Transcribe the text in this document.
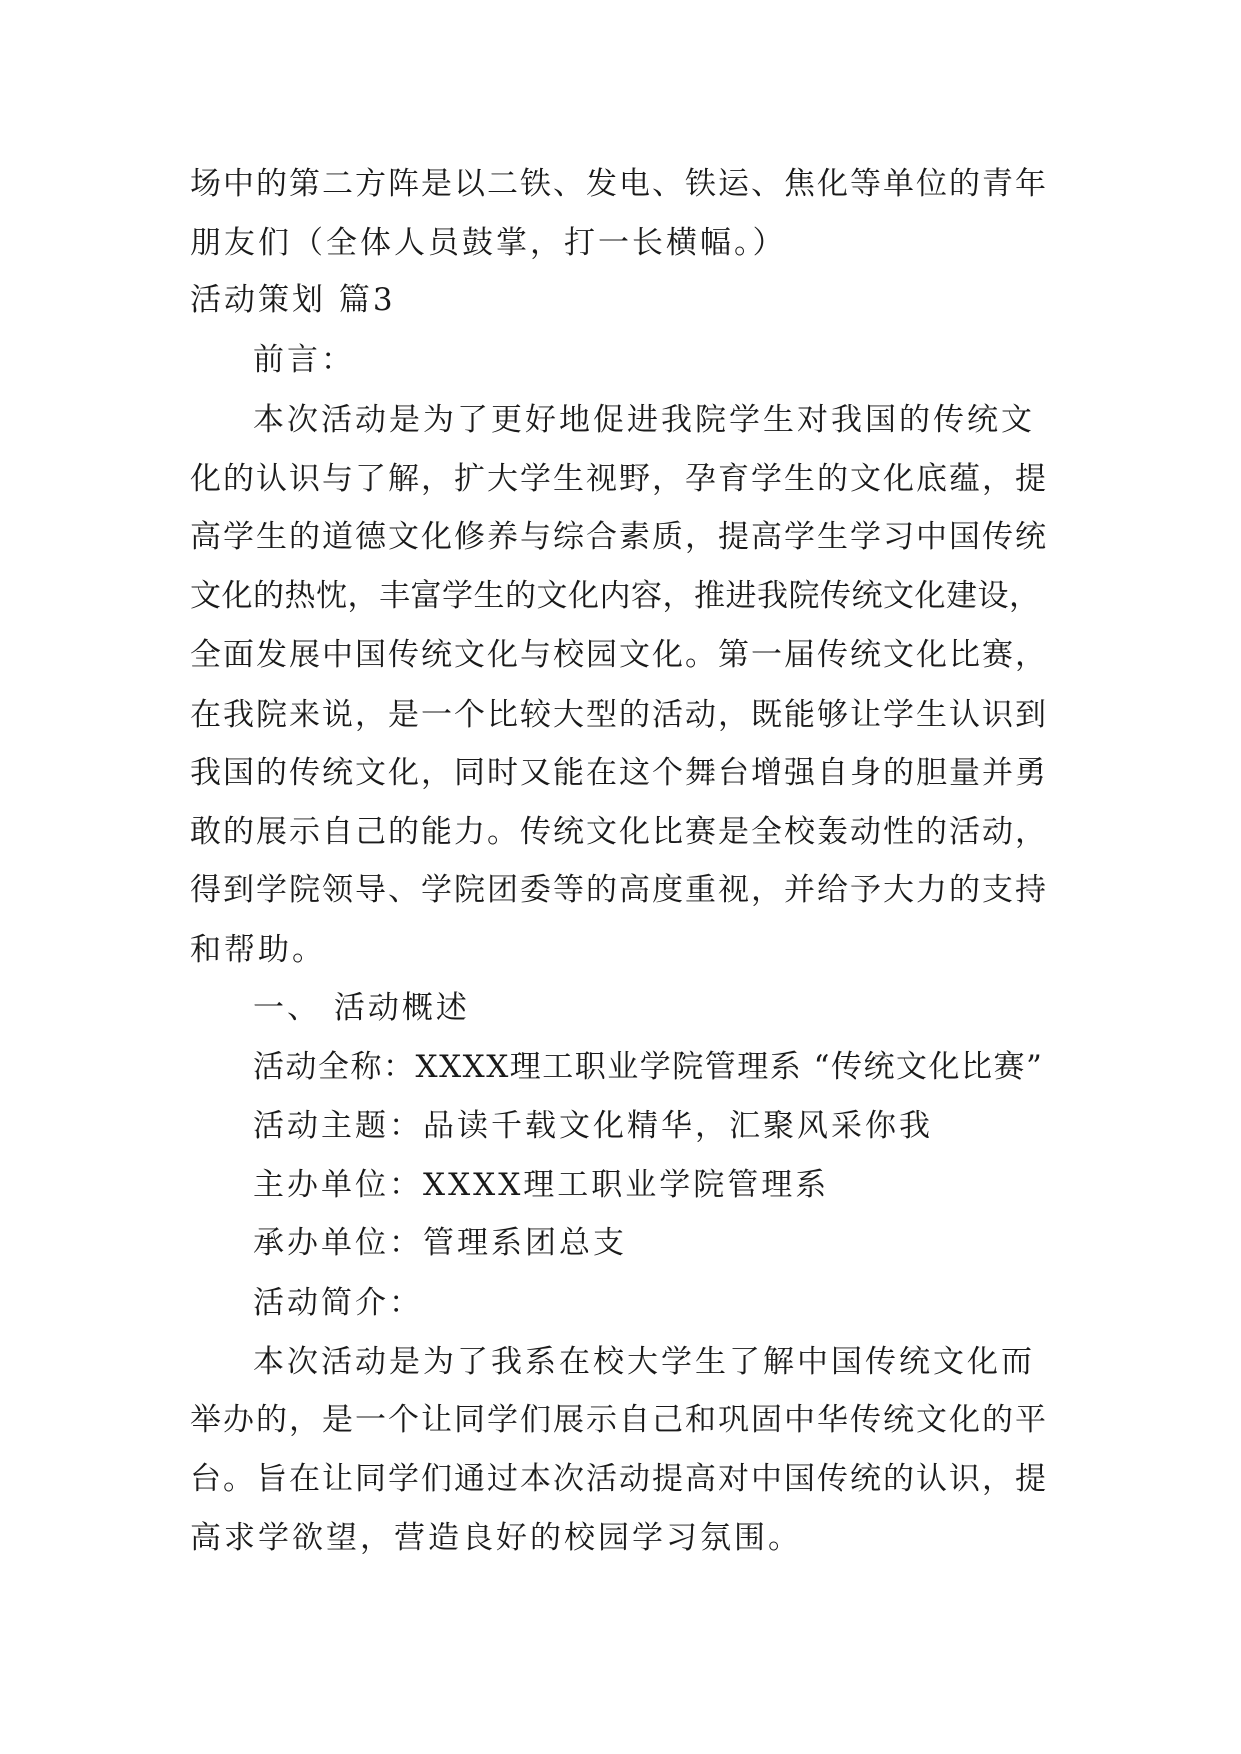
场中的第二方阵是以二铁、发电、铁运、焦化等单位的青年
朋友们（全体人员鼓掌，打一长横幅。）
活动策划 篇3
前言：
本次活动是为了更好地促进我院学生对我国的传统文
化的认识与了解，扩大学生视野，孕育学生的文化底蕴，提
高学生的道德文化修养与综合素质，提高学生学习中国传统
文化的热忱，丰富学生的文化内容，推进我院传统文化建设，
全面发展中国传统文化与校园文化。第一届传统文化比赛，
在我院来说，是一个比较大型的活动，既能够让学生认识到
我国的传统文化，同时又能在这个舞台增强自身的胆量并勇
敢的展示自己的能力。传统文化比赛是全校轰动性的活动，
得到学院领导、学院团委等的高度重视，并给予大力的支持
和帮助。
一、 活动概述
活动全称：XXXX理工职业学院管理系 “传统文化比赛”
活动主题：品读千载文化精华，汇聚风采你我
主办单位：XXXX理工职业学院管理系
承办单位：管理系团总支
活动简介：
本次活动是为了我系在校大学生了解中国传统文化而
举办的，是一个让同学们展示自己和巩固中华传统文化的平
台。旨在让同学们通过本次活动提高对中国传统的认识，提
高求学欲望，营造良好的校园学习氛围。
